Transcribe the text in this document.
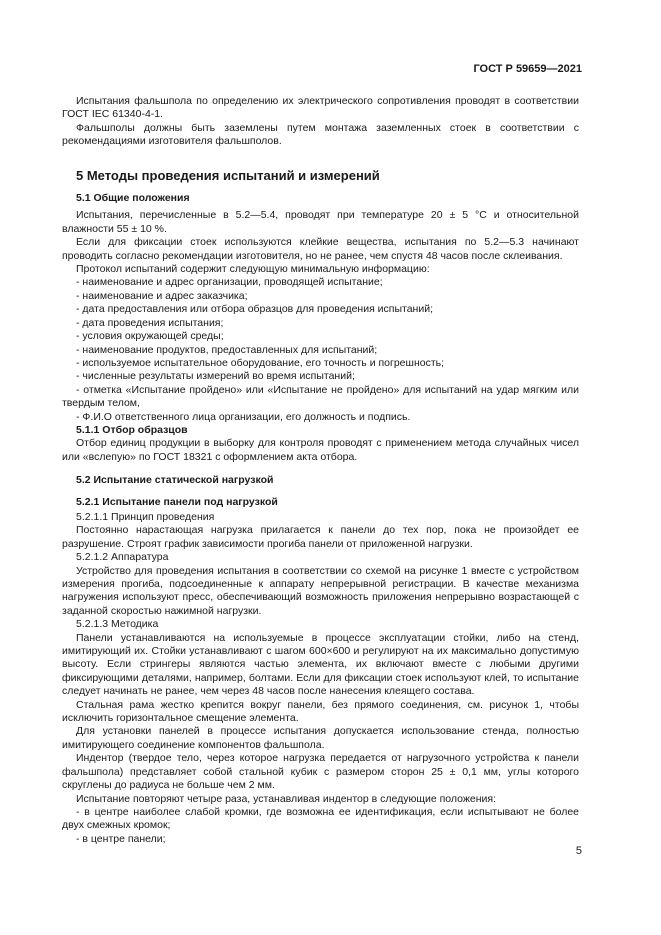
ГОСТ Р 59659—2021

Испытания фальшпола по определению их электрического сопротивления проводят в соответствии ГОСТ IEC 61340-4-1.

Фальшполы должны быть заземлены путем монтажа заземленных стоек в соответствии с рекомендациями изготовителя фальшполов.

5 Методы проведения испытаний и измерений
5.1 Общие положения

Испытания, перечисленные в 5.2—5.4, проводят при температуре 20 ± 5 °C и относительной влажности 55 ± 10 %.

Если для фиксации стоек используются клейкие вещества, испытания по 5.2—5.3 начинают проводить согласно рекомендации изготовителя, но не ранее, чем спустя 48 часов после склеивания.

Протокол испытаний содержит следующую минимальную информацию:

- наименование и адрес организации, проводящей испытание;

- наименование и адрес заказчика;

- дата предоставления или отбора образцов для проведения испытаний;

- дата проведения испытания;

- условия окружающей среды;

- наименование продуктов, предоставленных для испытаний;

- используемое испытательное оборудование, его точность и погрешность;

- численные результаты измерений во время испытаний;

- отметка «Испытание пройдено» или «Испытание не пройдено» для испытаний на удар мягким или твердым телом,

- Ф.И.О ответственного лица организации, его должность и подпись.

5.1.1 Отбор образцов

Отбор единиц продукции в выборку для контроля проводят с применением метода случайных чисел или «вслепую» по ГОСТ 18321 с оформлением акта отбора.

5.2 Испытание статической нагрузкой
5.2.1 Испытание панели под нагрузкой
5.2.1.1 Принцип проведения

Постоянно нарастающая нагрузка прилагается к панели до тех пор, пока не произойдет ее разрушение. Строят график зависимости прогиба панели от приложенной нагрузки.

5.2.1.2 Аппаратура

Устройство для проведения испытания в соответствии со схемой на рисунке 1 вместе с устройством измерения прогиба, подсоединенные к аппарату непрерывной регистрации. В качестве механизма нагружения используют пресс, обеспечивающий возможность приложения непрерывно возрастающей с заданной скоростью нажимной нагрузки.

5.2.1.3 Методика

Панели устанавливаются на используемые в процессе эксплуатации стойки, либо на стенд, имитирующий их. Стойки устанавливают с шагом 600×600 и регулируют на их максимально допустимую высоту. Если стрингеры являются частью элемента, их включают вместе с любыми другими фиксирующими деталями, например, болтами. Если для фиксации стоек используют клей, то испытание следует начинать не ранее, чем через 48 часов после нанесения клеящего состава.

Стальная рама жестко крепится вокруг панели, без прямого соединения, см. рисунок 1, чтобы исключить горизонтальное смещение элемента.

Для установки панелей в процессе испытания допускается использование стенда, полностью имитирующего соединение компонентов фальшпола.

Индентор (твердое тело, через которое нагрузка передается от нагрузочного устройства к панели фальшпола) представляет собой стальной кубик с размером сторон 25 ± 0,1 мм, углы которого скруглены до радиуса не больше чем 2 мм.

Испытание повторяют четыре раза, устанавливая индентор в следующие положения:

- в центре наиболее слабой кромки, где возможна ее идентификация, если испытывают не более двух смежных кромок;

- в центре панели;

5
